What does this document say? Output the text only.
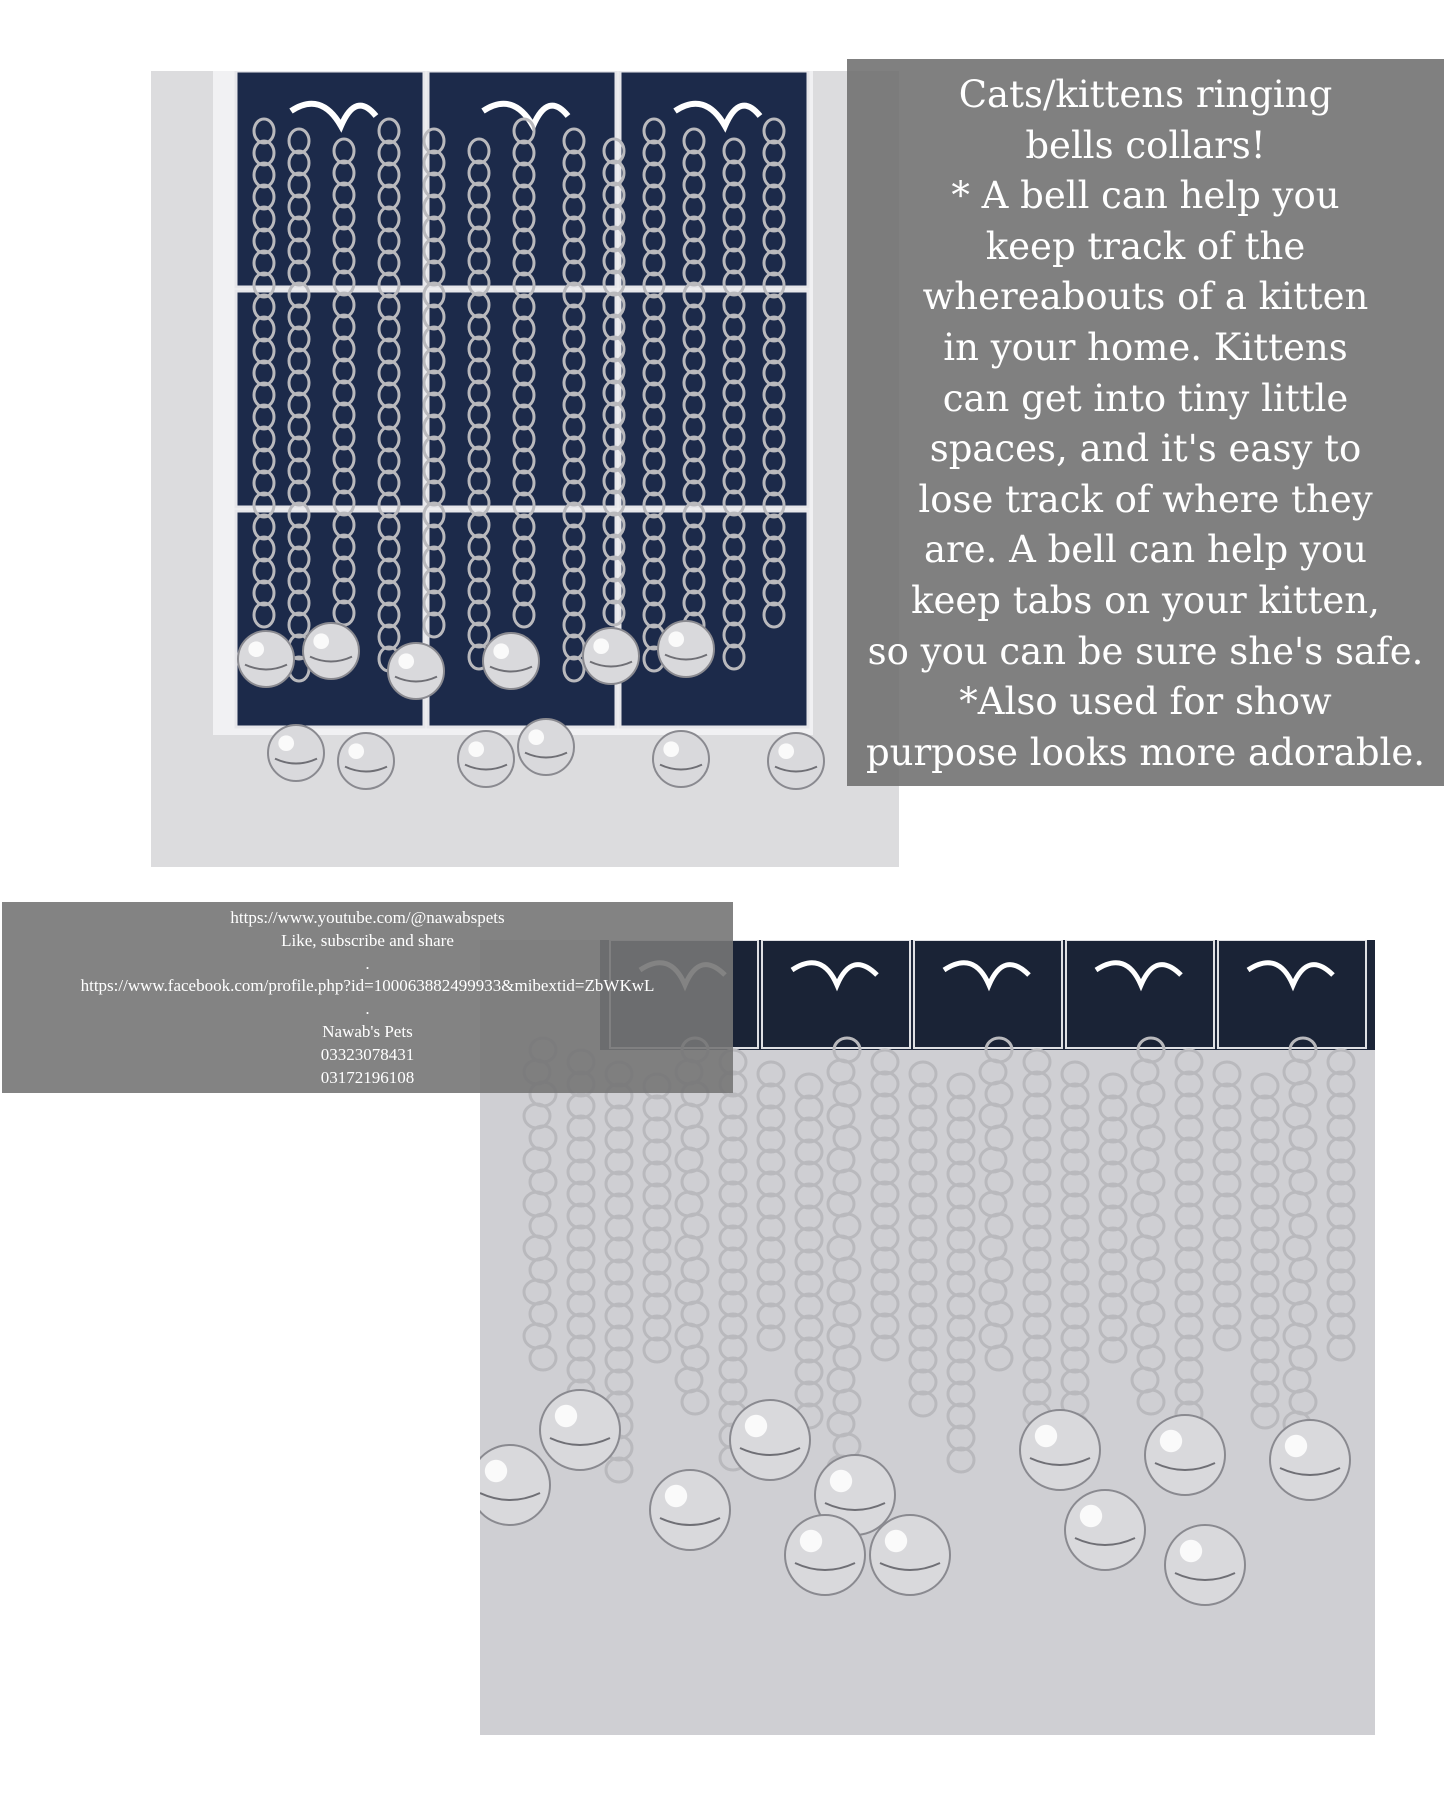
Cats/kittens ringing
bells collars!
* A bell can help you
keep track of the
whereabouts of a kitten
in your home. Kittens
can get into tiny little
spaces, and it's easy to
lose track of where they
are. A bell can help you
keep tabs on your kitten,
so you can be sure she's safe.
*Also used for show
purpose looks more adorable.
https://www.youtube.com/@nawabspets
Like, subscribe and share
.
https://www.facebook.com/profile.php?id=100063882499933&mibextid=ZbWKwL
.
Nawab's Pets
03323078431
03172196108
